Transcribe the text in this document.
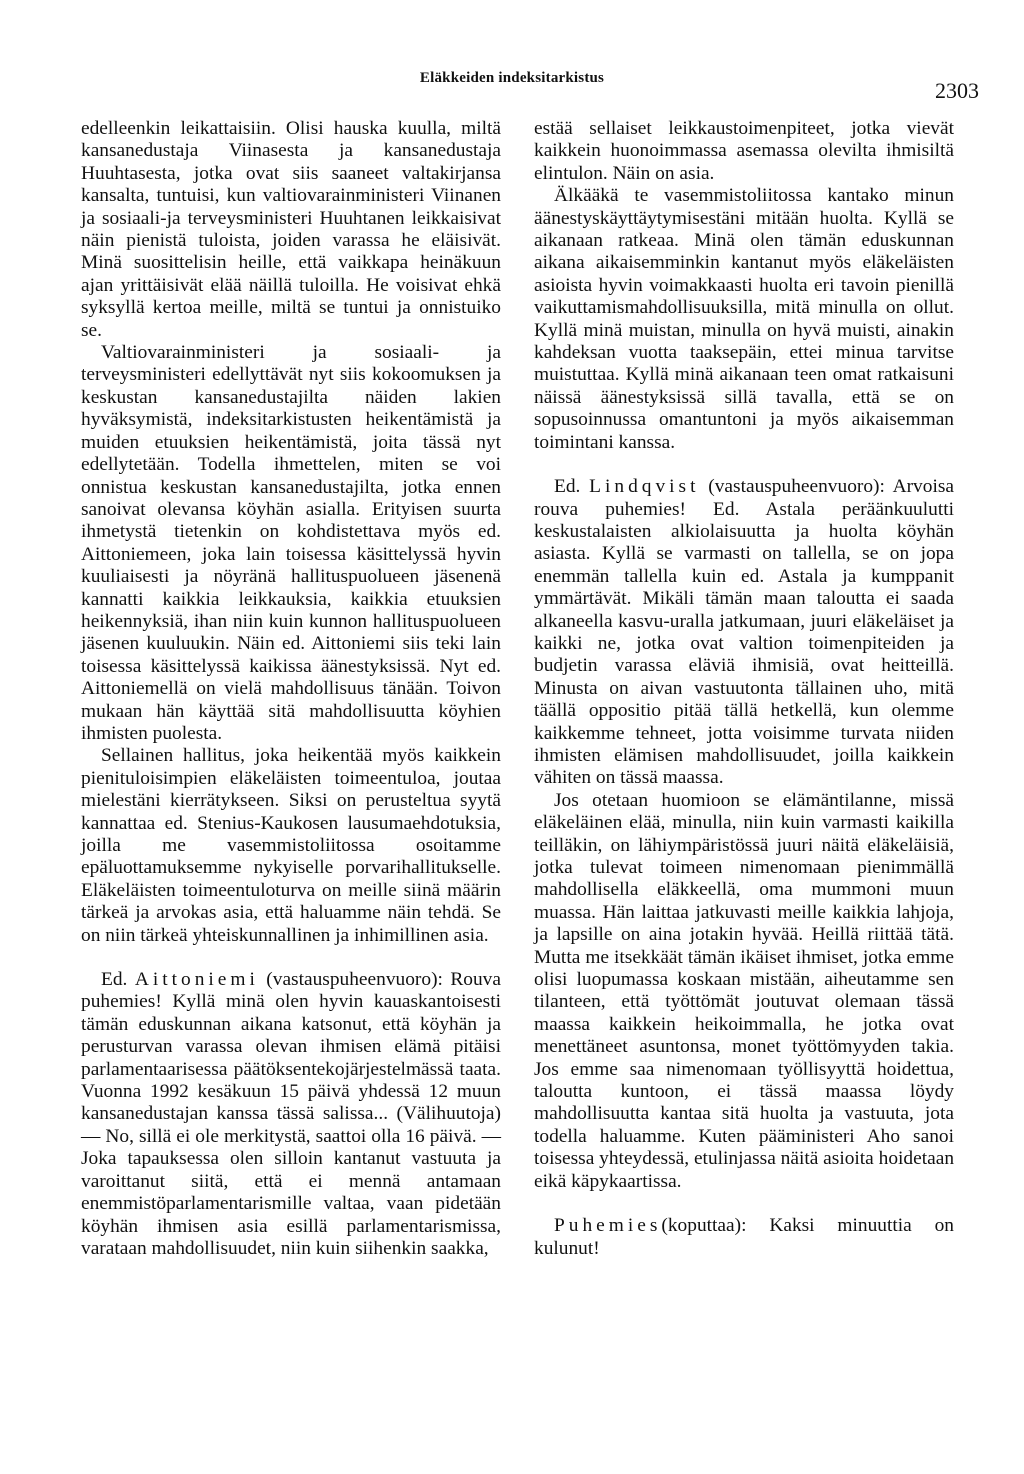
Eläkkeiden indeksitarkistus	2303

edelleenkin leikattaisiin. Olisi hauska kuulla, miltä kansanedustaja Viinasesta ja kansanedustaja Huuhtasesta, jotka ovat siis saaneet valtakirjansa kansalta, tuntuisi, kun valtiovarainministeri Viinanen ja sosiaali-ja terveysministeri Huuhtanen leikkaisivat näin pienistä tuloista, joiden varassa he eläisivät. Minä suosittelisin heille, että vaikkapa heinäkuun ajan yrittäisivät elää näillä tuloilla. He voisivat ehkä syksyllä kertoa meille, miltä se tuntui ja onnistuiko se.

Valtiovarainministeri ja sosiaali- ja terveysministeri edellyttävät nyt siis kokoomuksen ja keskustan kansanedustajilta näiden lakien hyväksymistä, indeksitarkistusten heikentämistä ja muiden etuuksien heikentämistä, joita tässä nyt edellytetään. Todella ihmettelen, miten se voi onnistua keskustan kansanedustajilta, jotka ennen sanoivat olevansa köyhän asialla. Erityisen suurta ihmetystä tietenkin on kohdistettava myös ed. Aittoniemeen, joka lain toisessa käsittelyssä hyvin kuuliaisesti ja nöyränä hallituspuolueen jäsenenä kannatti kaikkia leikkauksia, kaikkia etuuksien heikennyksiä, ihan niin kuin kunnon hallituspuolueen jäsenen kuuluukin. Näin ed. Aittoniemi siis teki lain toisessa käsittelyssä kaikissa äänestyksissä. Nyt ed. Aittoniemellä on vielä mahdollisuus tänään. Toivon mukaan hän käyttää sitä mahdollisuutta köyhien ihmisten puolesta.

Sellainen hallitus, joka heikentää myös kaikkein pienituloisimpien eläkeläisten toimeentuloa, joutaa mielestäni kierrätykseen. Siksi on perusteltua syytä kannattaa ed. Stenius-Kaukosen lausumaehdotuksia, joilla me vasemmistoliitossa osoitamme epäluottamuksemme nykyiselle porvarihallitukselle. Eläkeläisten toimeentuloturva on meille siinä määrin tärkeä ja arvokas asia, että haluamme näin tehdä. Se on niin tärkeä yhteiskunnallinen ja inhimillinen asia.

Ed. Aittoniemi (vastauspuheenvuoro): Rouva puhemies! Kyllä minä olen hyvin kauaskantoisesti tämän eduskunnan aikana katsonut, että köyhän ja perusturvan varassa olevan ihmisen elämä pitäisi parlamentaarisessa päätöksentekojärjestelmässä taata. Vuonna 1992 kesäkuun 15 päivä yhdessä 12 muun kansanedustajan kanssa tässä salissa... (Välihuutoja) — No, sillä ei ole merkitystä, saattoi olla 16 päivä. — Joka tapauksessa olen silloin kantanut vastuuta ja varoittanut siitä, että ei mennä antamaan enemmistöparlamentarismille valtaa, vaan pidetään köyhän ihmisen asia esillä parlamentarismissa, varataan mahdollisuudet, niin kuin siihenkin saakka,

estää sellaiset leikkaustoimenpiteet, jotka vievät kaikkein huonoimmassa asemassa olevilta ihmisiltä elintulon. Näin on asia.

Älkääkä te vasemmistoliitossa kantako minun äänestyskäyttäytymisestäni mitään huolta. Kyllä se aikanaan ratkeaa. Minä olen tämän eduskunnan aikana aikaisemminkin kantanut myös eläkeläisten asioista hyvin voimakkaasti huolta eri tavoin pienillä vaikuttamismahdollisuuksilla, mitä minulla on ollut. Kyllä minä muistan, minulla on hyvä muisti, ainakin kahdeksan vuotta taaksepäin, ettei minua tarvitse muistuttaa. Kyllä minä aikanaan teen omat ratkaisuni näissä äänestyksissä sillä tavalla, että se on sopusoinnussa omantuntoni ja myös aikaisemman toimintani kanssa.

Ed. Lindqvist (vastauspuheenvuoro): Arvoisa rouva puhemies! Ed. Astala peräänkuulutti keskustalaisten alkiolaisuutta ja huolta köyhän asiasta. Kyllä se varmasti on tallella, se on jopa enemmän tallella kuin ed. Astala ja kumppanit ymmärtävät. Mikäli tämän maan taloutta ei saada alkaneella kasvu-uralla jatkumaan, juuri eläkeläiset ja kaikki ne, jotka ovat valtion toimenpiteiden ja budjetin varassa eläviä ihmisiä, ovat heitteillä. Minusta on aivan vastuutonta tällainen uho, mitä täällä oppositio pitää tällä hetkellä, kun olemme kaikkemme tehneet, jotta voisimme turvata niiden ihmisten elämisen mahdollisuudet, joilla kaikkein vähiten on tässä maassa.

Jos otetaan huomioon se elämäntilanne, missä eläkeläinen elää, minulla, niin kuin varmasti kaikilla teilläkin, on lähiympäristössä juuri näitä eläkeläisiä, jotka tulevat toimeen nimenomaan pienimmällä mahdollisella eläkkeellä, oma mummoni muun muassa. Hän laittaa jatkuvasti meille kaikkia lahjoja, ja lapsille on aina jotakin hyvää. Heillä riittää tätä. Mutta me itsekkäät tämän ikäiset ihmiset, jotka emme olisi luopumassa koskaan mistään, aiheutamme sen tilanteen, että työttömät joutuvat olemaan tässä maassa kaikkein heikoimmalla, he jotka ovat menettäneet asuntonsa, monet työttömyyden takia. Jos emme saa nimenomaan työllisyyttä hoidettua, taloutta kuntoon, ei tässä maassa löydy mahdollisuutta kantaa sitä huolta ja vastuuta, jota todella haluamme. Kuten pääministeri Aho sanoi toisessa yhteydessä, etulinjassa näitä asioita hoidetaan eikä käpykaartissa.

Puhemies(koputtaa): Kaksi minuuttia on kulunut!
